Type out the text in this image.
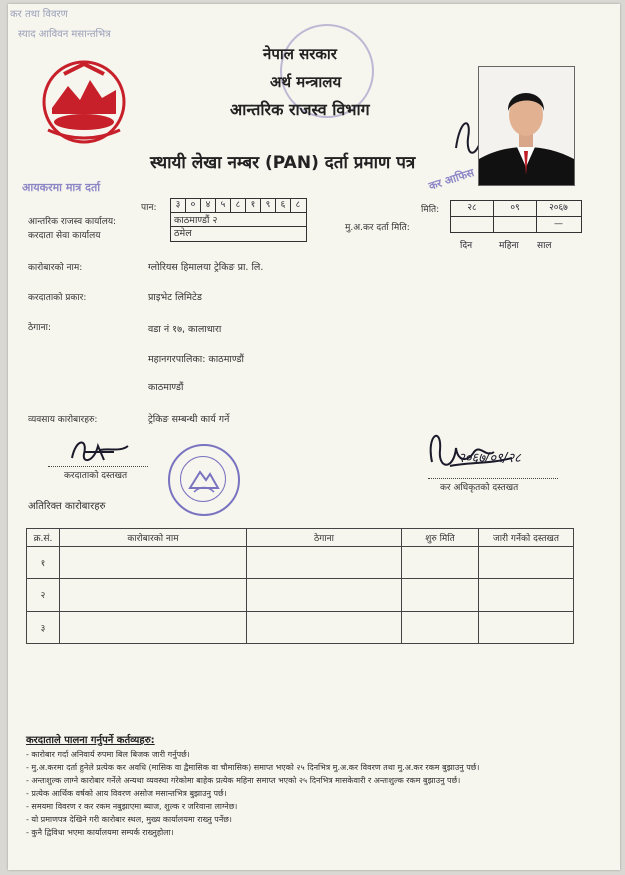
कर तथा विवरण
स्याद आविवन मसान्तभित्र
नेपाल सरकार
अर्थ मन्त्रालय
आन्तरिक राजस्व विभाग
स्थायी लेखा नम्बर (PAN) दर्ता प्रमाण पत्र
आयकरमा मात्र दर्ता	कर आफिस
पान:	३	०	४	५	८	१	९	६	८
आन्तरिक राजस्व कार्यालय:	काठमाण्डौं २
करदाता सेवा कार्यालय	ठमेल
मिति:	२८	०९	२०६७
मु.अ.कर दर्ता मिति:	—
दिन	महिना साल
कारोबारको नाम:	ग्लोरियस हिमालया ट्रेकिङ प्रा. लि.
करदाताको प्रकार:	प्राइभेट लिमिटेड
ठेगाना:	वडा नं १७, कालाधारा
महानगरपालिका: काठमाण्डौं
काठमाण्डौं
व्यवसाय कारोबारहरु:	ट्रेकिङ सम्बन्धी कार्य गर्ने
करदाताको दस्तखत
२०६७/०९/२८
कर अधिकृतको दस्तखत
अतिरिक्त कारोबारहरु
क्र.सं.	कारोबारको नाम	ठेगाना	शुरु मिति	जारी गर्नेको दस्तखत
१				
२				
३				
करदाताले पालना गर्नुपर्ने कर्तव्यहरु:
- कारोबार गर्दा अनिवार्य रुपमा बिल बिजक जारी गर्नुपर्छ।
- मु.अ.करमा दर्ता हुनेले प्रत्येक कर अवधि (मासिक वा द्वैमासिक वा चौमासिक) समाप्त भएको २५ दिनभित्र मु.अ.कर विवरण तथा मु.अ.कर रकम बुझाउनु पर्छ।
- अन्तःशुल्क लाग्ने कारोबार गर्नेले अन्यथा व्यवस्था गरेकोमा बाहेक प्रत्येक महिना समाप्त भएको २५ दिनभित्र मासकेवारी र अन्तःशुल्क रकम बुझाउनु पर्छ।
- प्रत्येक आर्थिक वर्षको आय विवरण असोज मसान्तभित्र बुझाउनु पर्छ।
- समयमा विवरण र कर रकम नबुझाएमा ब्याज, शुल्क र जरिवाना लाग्नेछ।
- यो प्रमाणपत्र देखिने गरी कारोबार स्थल, मुख्य कार्यालयमा राख्नु पर्नेछ।
- कुनै द्विविधा भएमा कार्यालयमा सम्पर्क राख्नुहोला।
